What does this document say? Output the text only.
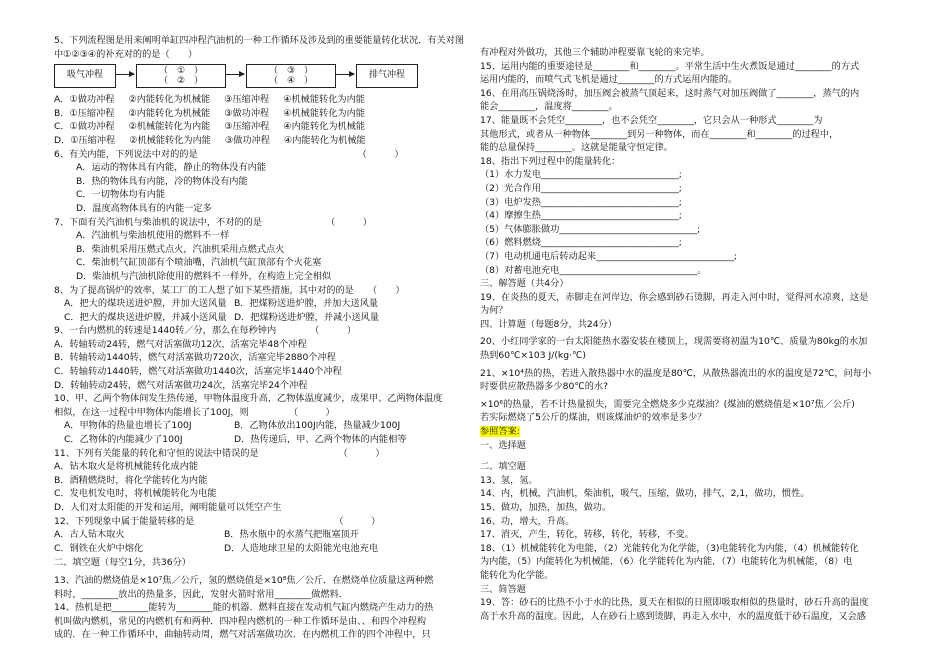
5、下列流程图是用来阐明单缸四冲程汽油机的一种工作循环及涉及到的重要能量转化状况．有关对图中①②③④的补充对的的是（　　）
吸气冲程	（　①　）
（　②　）
（　③　）
（　④　）
排气冲程
A．①做功冲程 ②内能转化为机械能 ③压缩冲程 ④机械能转化为内能
B．①压缩冲程 ②内能转化为机械能 ③做功冲程 ④机械能转化为内能
C．①做功冲程 ②机械能转化为内能 ③压缩冲程 ④内能转化为机械能
D．①压缩冲程 ②机械能转化为内能 ③做功冲程 ④内能转化为机械能
6、有关内能，下列说法中对的的是	（　　　）
A．运动的物体具有内能，静止的物体没有内能
B．热的物体具有内能，冷的物体没有内能
C．一切物体均有内能
D．温度高物体具有的内能一定多
7、下面有关汽油机与柴油机的说法中，不对的的是	（　　　）
A．汽油机与柴油机使用的燃料不一样
B．柴油机采用压燃式点火，汽油机采用点燃式点火
C．柴油机气缸顶部有个喷油嘴，汽油机气缸顶部有个火花塞
D．柴油机与汽油机除使用的燃料不一样外，在构造上完全相似
8、为了提高锅炉的效率，某工厂的工人想了如下某些措施，其中对的的是 （　　）
A．把大的煤块送进炉膛，并加大送风量 B．把煤粉送进炉膛，并加大送风量
C．把大的煤块送进炉膛，并减小送风量 D．把煤粉送进炉膛，并减小送风量
9、一台内燃机的转速是1440转／分，那么在每秒钟内	（　　　）
A．转轴转动24转，燃气对活塞做功12次，活塞完毕48个冲程
B．转轴转动1440转，燃气对活塞做功720次，活塞完毕2880个冲程
C．转轴转动1440转，燃气对活塞做功1440次，活塞完毕1440个冲程
D．转轴转动24转，燃气对活塞做功24次，活塞完毕24个冲程
10、甲、乙两个物体间发生热传递，甲物体温度升高，乙物体温度减少，成果甲、乙两物体温度
相似，在这一过程中甲物体内能增长了100J，则	（　　　）
A．甲物体的热量也增长了100J	B．乙物体放出100J内能，热量减少100J
C．乙物体的内能减少了100J	D．热传递后，甲、乙两个物体的内能相等
11、下列有关能量的转化和守恒的说法中错误的是	（　　　）
A．钻木取火是将机械能转化成内能
B．酒精燃烧时，将化学能转化为内能
C．发电机发电时，将机械能转化为电能
D．人们对太阳能的开发和运用，阐明能量可以凭空产生
12、下列现象中属于能量转移的是	（　　　）
A．古人钻木取火	B．热水瓶中的水蒸气把瓶塞顶开
C．钢铁在火炉中熔化	D．人造地球卫星的太阳能光电池充电
二、填空题（每空1分，共36分）
13、汽油的燃烧值是×10⁷焦／公斤，氢的燃烧值是×10⁸焦／公斤．在燃烧单位质量这两种燃
料时，________放出的热量多，因此，发射火箭时常用________做燃料．
14、热机是把________能转为________能的机器．燃料直接在发动机气缸内燃烧产生动力的热
机叫做内燃机，常见的内燃机有和两种．四冲程内燃机的一种工作循环是由、、和四个冲程构
成的．在一种工作循环中，曲轴转动周，燃气对活塞做功次．在内燃机工作的四个冲程中，只
有冲程对外做功，其他三个辅助冲程要靠飞轮的来完毕。
15、运用内能的重要途径是________和________。平常生活中生火煮饭是通过________的方式
运用内能的，而喷气式飞机是通过________的方式运用内能的。
16、在用高压锅烧汤时，加压阀会被蒸气顶起来，这时蒸气对加压阀做了________，蒸气的内
能会________，温度将________。
17、能量既不会凭空________，也不会凭空________，它只会从一种形式________为
其他形式，或者从一种物体________到另一种物体，而在________和________的过程中，
能的总量保持________。这就是能量守恒定律。
18、指出下列过程中的能量转化：
（1）水力发电______________________________;
（2）光合作用______________________________;
（3）电炉发热______________________________;
（4）摩擦生热______________________________;
（5）气体膨胀做功______________________________;
（6）燃料燃烧______________________________;
（7）电动机通电后转动起来______________________________;
（8）对蓄电池充电______________________________。
三、解答题（共4分）
19、在炎热的夏天，赤脚走在河岸边，你会感到砂石烫脚，再走入河中时，觉得河水凉爽，这是
为何？
四、计算题（每题8分，共24分）
20、小红同学家的一台太阳能热水器安装在楼顶上，现需要将初温为10℃、质量为80kg的水加
热到60℃×103 J/(kg·℃)
21、×10⁴热的热，若进入散热器中水的温度是80℃，从散热器流出的水的温度是72℃，问每小
时要供应散热器多少80℃的水?
×10⁶的热量，若不计热量损失，需要完全燃烧多少克煤油？(煤油的燃烧值是×10⁷焦／公斤)
若实际燃烧了5公斤的煤油，则该煤油炉的效率是多少？
参照答案:
一、选择题
二、填空题
13、氢，氢。
14、内，机械，汽油机，柴油机，吸气，压缩，做功，排气，2,1，做功，惯性。
15、做功，加热，加热，做功。
16、功，增大，升高。
17、消灭，产生，转化，转移，转化，转移，不变。
18、（1）机械能转化为电能，（2）光能转化为化学能，（3)电能转化为内能，（4）机械能转化
为内能，（5）内能转化为机械能，（6）化学能转化为内能，（7）电能转化为机械能，（8）电
能转化为化学能。
三、简答题
19、答：砂石的比热不小于水的比热，夏天在相似的日照即吸取相似的热量时，砂石升高的温度
高于水升高的温度。因此，人在砂石上感到烫脚，再走入水中，水的温度低于砂石温度，又会感
